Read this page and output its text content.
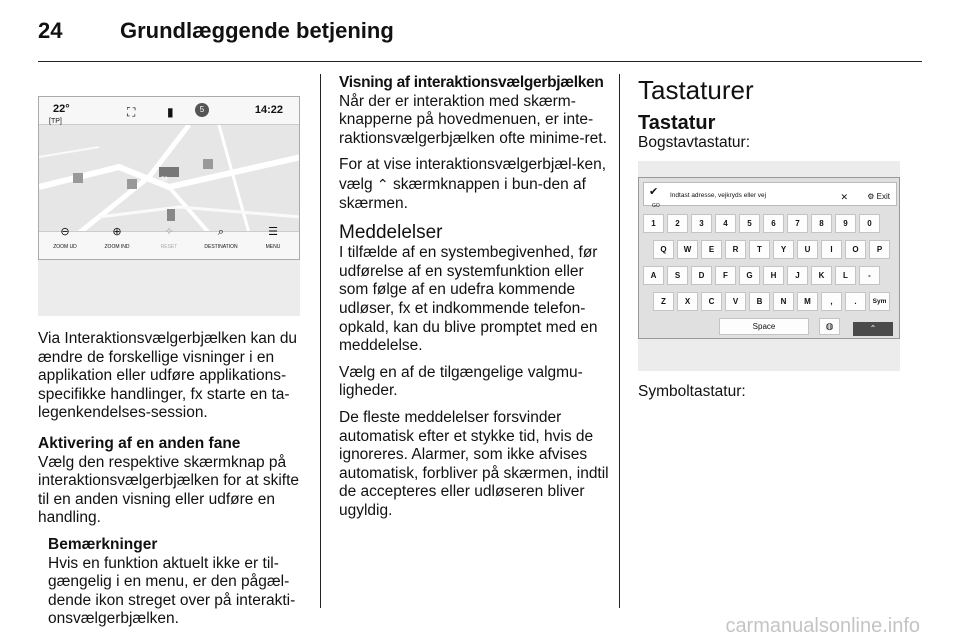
24	Grundlæggende betjening
22°
[TP]
⛶	▮	5	14:22
58
⊖
ZOOM UD
⊕
ZOOM IND
✧
RESET
⌕
DESTINATION
☰
MENU

Via Interaktionsvælgerbjælken kan du ændre de forskellige visninger i en applikation eller udføre applikations-specifikke handlinger, fx starte en ta-legenkendelses-session.

Aktivering af en anden fane

Vælg den respektive skærmknap på interaktionsvælgerbjælken for at skifte til en anden visning eller udføre en handling.

Bemærkninger

Hvis en funktion aktuelt ikke er til-gængelig i en menu, er den pågæl-dende ikon streget over på interakti-onsvælgerbjælken.

Visning af interaktionsvælgerbjælken

Når der er interaktion med skærm-knapperne på hovedmenuen, er inte-raktionsvælgerbjælken ofte minime-ret.

For at vise interaktionsvælgerbjæl-ken, vælg ⌃ skærmknappen i bun-den af skærmen.

Meddelelser

I tilfælde af en systembegivenhed, før udførelse af en systemfunktion eller som følge af en udefra kommende udløser, fx et indkommende telefon-opkald, kan du blive promptet med en meddelelse.

Vælg en af de tilgængelige valgmu-ligheder.

De fleste meddelelser forsvinder automatisk efter et stykke tid, hvis de ignoreres. Alarmer, som ikke afvises automatisk, forbliver på skærmen, indtil de accepteres eller udløseren bliver ugyldig.

Tastaturer
Tastatur

Bogstavtastatur:

✔
GO
Indtast adresse, vejkryds eller vej	✕ ⚙ Exit
1	2	3	4	5	6	7	8	9	0
Q	W	E	R	T	Y	U	I	O	P
A	S	D	F	G	H	J	K	L	-
Z	X	C	V	B	N	M	,	.	Sym
Space	◍	⌃

Symboltastatur:

carmanualsonline.info
